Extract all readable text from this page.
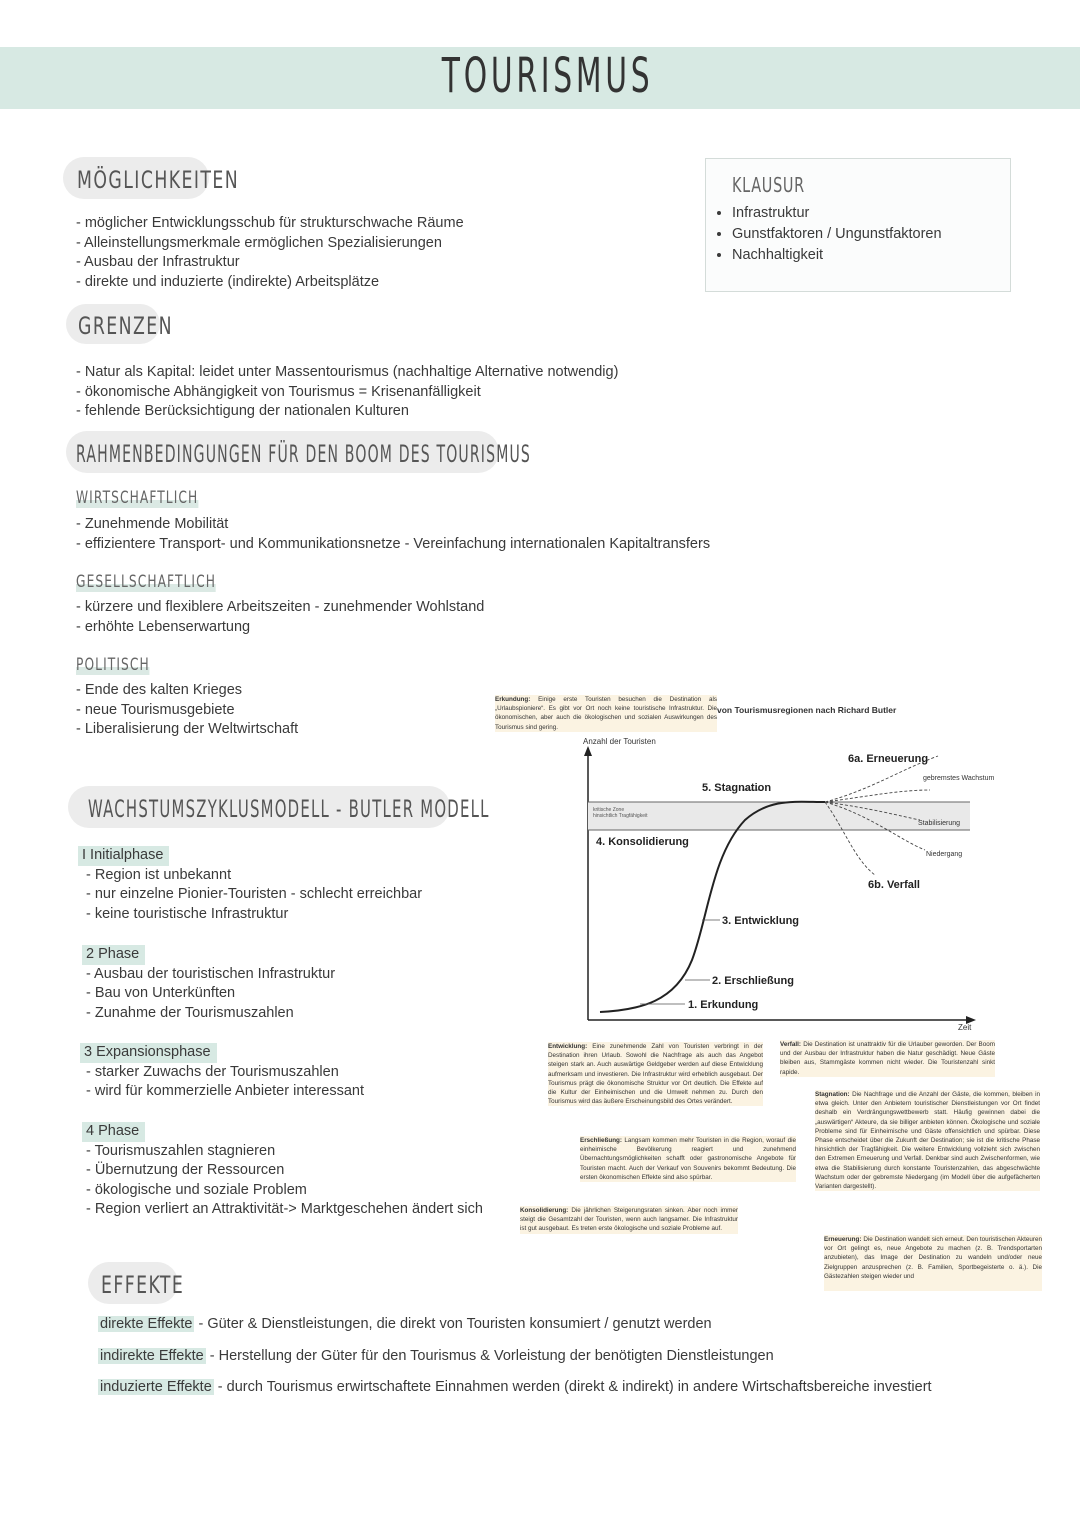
TOURISMUS
MÖGLICHKEITEN
- möglicher Entwicklungsschub für strukturschwache Räume
- Alleinstellungsmerkmale ermöglichen Spezialisierungen
- Ausbau der Infrastruktur
- direkte und induzierte (indirekte) Arbeitsplätze
KLAUSUR
• Infrastruktur
• Gunstfaktoren / Ungunstfaktoren
• Nachhaltigkeit
GRENZEN
- Natur als Kapital: leidet unter Massentourismus (nachhaltige Alternative notwendig)
- ökonomische Abhängigkeit von Tourismus = Krisenanfälligkeit
- fehlende Berücksichtigung der nationalen Kulturen
RAHMENBEDINGUNGEN FÜR DEN BOOM DES TOURISMUS
WIRTSCHAFTLICH
- Zunehmende Mobilität
- effizientere Transport- und Kommunikationsnetze - Vereinfachung internationalen Kapitaltransfers
GESELLSCHAFTLICH
- kürzere und flexiblere Arbeitszeiten - zunehmender Wohlstand
- erhöhte Lebenserwartung
POLITISCH
- Ende des kalten Krieges
- neue Tourismusgebiete
- Liberalisierung der Weltwirtschaft
WACHSTUMSZYKLUSMODELL - BUTLER MODELL
I Initialphase
- Region ist unbekannt
- nur einzelne Pionier-Touristen - schlecht erreichbar
- keine touristische Infrastruktur
2 Phase
- Ausbau der touristischen Infrastruktur
- Bau von Unterkünften
- Zunahme der Tourismuszahlen
3 Expansionsphase
- starker Zuwachs der Tourismuszahlen
- wird für kommerzielle Anbieter interessant
4 Phase
- Tourismuszahlen stagnieren
- Übernutzung der Ressourcen
- ökologische und soziale Problem
- Region verliert an Attraktivität-> Marktgeschehen ändert sich
von Tourismusregionen nach Richard Butler
Anzahl der Touristen
Zeit
kritische Zone
hinsichtlich Tragfähigkeit
1. Erkundung
2. Erschließung
3. Entwicklung
4. Konsolidierung
5. Stagnation
6a. Erneuerung
6b. Verfall
gebremstes Wachstum
Stabilisierung
Niedergang
Erkundung: Einige erste Touristen besuchen die Destination als „Urlaubspioniere“. Es gibt vor Ort noch keine touristische Infrastruktur. Die ökonomischen, aber auch die ökologischen und sozialen Auswirkungen des Tourismus sind gering.
Entwicklung: Eine zunehmende Zahl von Touristen verbringt in der Destination ihren Urlaub. Sowohl die Nachfrage als auch das Angebot steigen stark an. Auch auswärtige Geldgeber werden auf diese Entwicklung aufmerksam und investieren. Die Infrastruktur wird erheblich ausgebaut. Der Tourismus prägt die ökonomische Struktur vor Ort deutlich. Die Effekte auf die Kultur der Einheimischen und die Umwelt nehmen zu. Durch den Tourismus wird das äußere Erscheinungsbild des Ortes verändert.
Verfall: Die Destination ist unattraktiv für die Urlauber geworden. Der Boom und der Ausbau der Infrastruktur haben die Natur geschädigt. Neue Gäste bleiben aus, Stammgäste kommen nicht wieder. Die Touristenzahl sinkt rapide.
Stagnation: Die Nachfrage und die Anzahl der Gäste, die kommen, bleiben in etwa gleich. Unter den Anbietern touristischer Dienstleistungen vor Ort findet deshalb ein Verdrängungswettbewerb statt. Häufig gewinnen dabei die „auswärtigen“ Akteure, da sie billiger anbieten können. Ökologische und soziale Probleme sind für Einheimische und Gäste offensichtlich und spürbar. Diese Phase entscheidet über die Zukunft der Destination; sie ist die kritische Phase hinsichtlich der Tragfähigkeit. Die weitere Entwicklung vollzieht sich zwischen den Extremen Erneuerung und Verfall. Denkbar sind auch Zwischenformen, wie etwa die Stabilisierung durch konstante Touristenzahlen, das abgeschwächte Wachstum oder der gebremste Niedergang (im Modell über die aufgefächerten Varianten dargestellt).
Erschließung: Langsam kommen mehr Touristen in die Region, worauf die einheimische Bevölkerung reagiert und zunehmend Übernachtungsmöglichkeiten schafft oder gastronomische Angebote für Touristen macht. Auch der Verkauf von Souvenirs bekommt Bedeutung. Die ersten ökonomischen Effekte sind also spürbar.
Konsolidierung: Die jährlichen Steigerungsraten sinken. Aber noch immer steigt die Gesamtzahl der Touristen, wenn auch langsamer. Die Infrastruktur ist gut ausgebaut. Es treten erste ökologische und soziale Probleme auf.
Erneuerung: Die Destination wandelt sich erneut. Den touristischen Akteuren vor Ort gelingt es, neue Angebote zu machen (z. B. Trendsportarten anzubieten), das Image der Destination zu wandeln und/oder neue Zielgruppen anzusprechen (z. B. Familien, Sportbegeisterte o. ä.). Die Gästezahlen steigen wieder und
EFFEKTE
direkte Effekte - Güter & Dienstleistungen, die direkt von Touristen konsumiert / genutzt werden
indirekte Effekte - Herstellung der Güter für den Tourismus & Vorleistung der benötigten Dienstleistungen
induzierte Effekte - durch Tourismus erwirtschaftete Einnahmen werden (direkt & indirekt) in andere Wirtschaftsbereiche investiert
